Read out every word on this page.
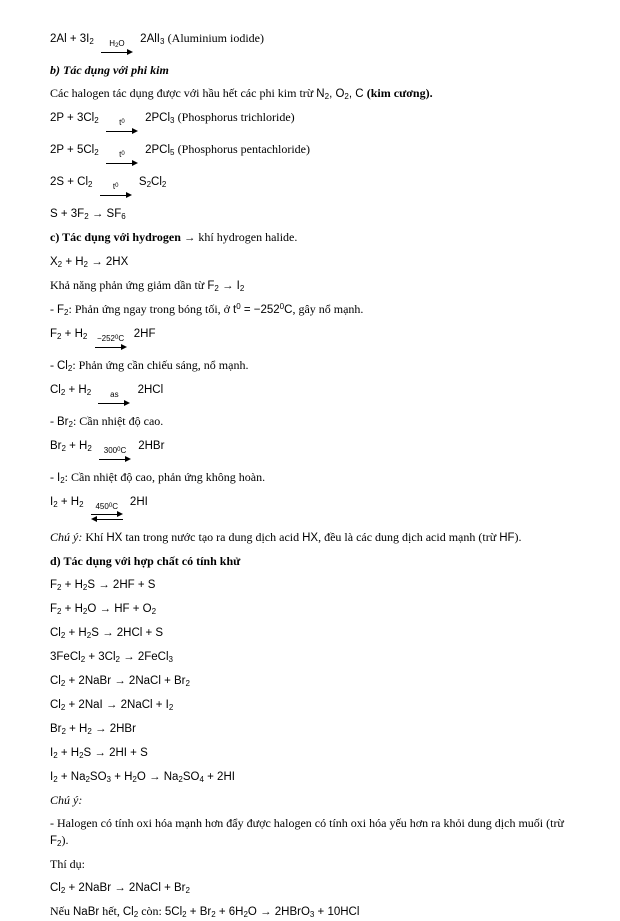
$2Al + 3I_2$ $H_2O$ 2AlI$_3$ (Aluminium iodide)
b) Tác dụng với phi kim
Các halogen tác dụng được với hầu hết các phi kim trừ $N_2$, $O_2$, C (kim cương).
$2P + 3Cl_2$	$t^0$ 2PCl$_3$ (Phosphorus trichloride)
$2P + 5Cl_2$	$t^0$ 2PCl$_5$ (Phosphorus pentachloride)
$2S + Cl_2$	$t^0$ $S_2Cl_2$
$S + 3F_2 \to SF_6$
c) Tác dụng với hydrogen → khí hydrogen halide.
$X_2 + H_2 \to 2HX$
Khả năng phản ứng giảm dần từ $F_2 \to I_2$
- $F_2$: Phản ứng ngay trong bóng tối, ở $t^0 = -252^0C$, gây nổ mạnh.
$F_2 + H_2 -252^0C$ 2HF
- $Cl_2$: Phản ứng cần chiếu sáng, nổ mạnh.
$Cl_2 + H_2$ as 2HCl
- $Br_2$: Cần nhiệt độ cao.
$Br_2 + H_2$ $300^0C$ 2HBr
- $I_2$: Cần nhiệt độ cao, phản ứng không hoàn.
$I_2 + H_2$ $450^0C$ 2HI
Chú ý: Khí HX tan trong nước tạo ra dung dịch acid HX, đều là các dung dịch acid mạnh (trừ HF).
d) Tác dụng với hợp chất có tính khử
$F_2 + H_2S \to 2HF + S$
$F_2 + H_2O$ → HF + $O_2$
$Cl_2 + H_2S \to 2HCl + S$
3FeCl$_2$ + $3Cl_2$ → 2FeCl$_3$
$Cl_2$ + 2NaBr → 2NaCl + $Br_2$
$Cl_2 + 2NaI$ → 2NaCl + $I_2$
$Br_2 + H_2 \to 2HBr$
$I_2 + H_2S \to 2HI + S$
$I_2 + Na_2SO_3 + H_2O \to Na_2SO_4 + 2HI$
Chú ý:
- Halogen có tính oxi hóa mạnh hơn đẩy được halogen có tính oxi hóa yếu hơn ra khỏi dung dịch muối (trừ $F_2$).
Thí dụ:
$Cl_2$ + 2NaBr → 2NaCl + $Br_2$
Nếu NaBr hết, $Cl_2$ còn: $5Cl_2 + Br_2 + 6H_2O$ → 2HBrO$_3$ + 10HCl
